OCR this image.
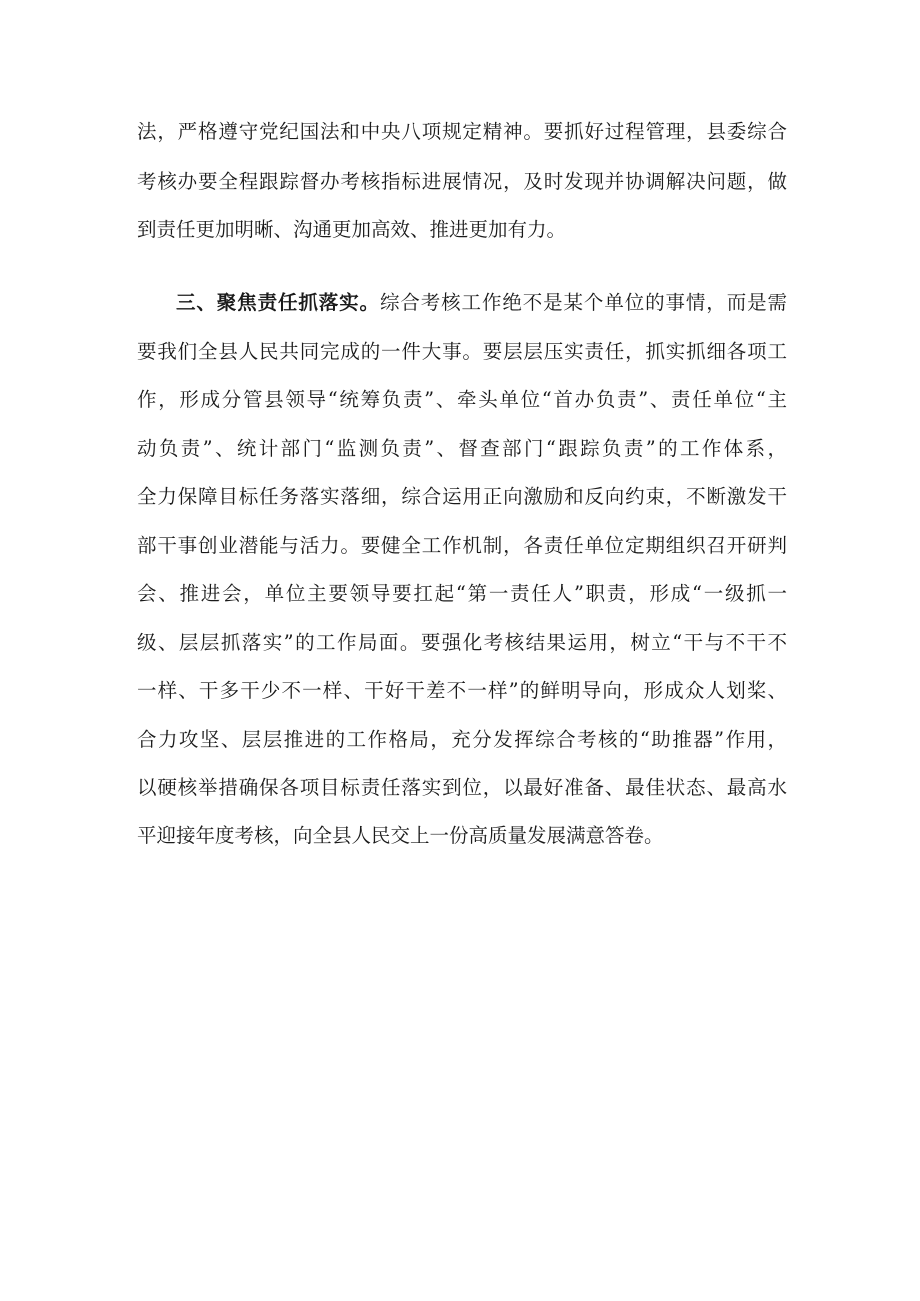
法，严格遵守党纪国法和中央八项规定精神。要抓好过程管理，县委综合
考核办要全程跟踪督办考核指标进展情况，及时发现并协调解决问题，做
到责任更加明晰、沟通更加高效、推进更加有力。
三、聚焦责任抓落实。综合考核工作绝不是某个单位的事情，而是需
要我们全县人民共同完成的一件大事。要层层压实责任，抓实抓细各项工
作，形成分管县领导“统筹负责”、牵头单位“首办负责”、责任单位“主
动负责”、统计部门“监测负责”、督查部门“跟踪负责”的工作体系，
全力保障目标任务落实落细，综合运用正向激励和反向约束，不断激发干
部干事创业潜能与活力。要健全工作机制，各责任单位定期组织召开研判
会、推进会，单位主要领导要扛起“第一责任人”职责，形成“一级抓一
级、层层抓落实”的工作局面。要强化考核结果运用，树立“干与不干不
一样、干多干少不一样、干好干差不一样”的鲜明导向，形成众人划桨、
合力攻坚、层层推进的工作格局，充分发挥综合考核的“助推器”作用，
以硬核举措确保各项目标责任落实到位，以最好准备、最佳状态、最高水
平迎接年度考核，向全县人民交上一份高质量发展满意答卷。
